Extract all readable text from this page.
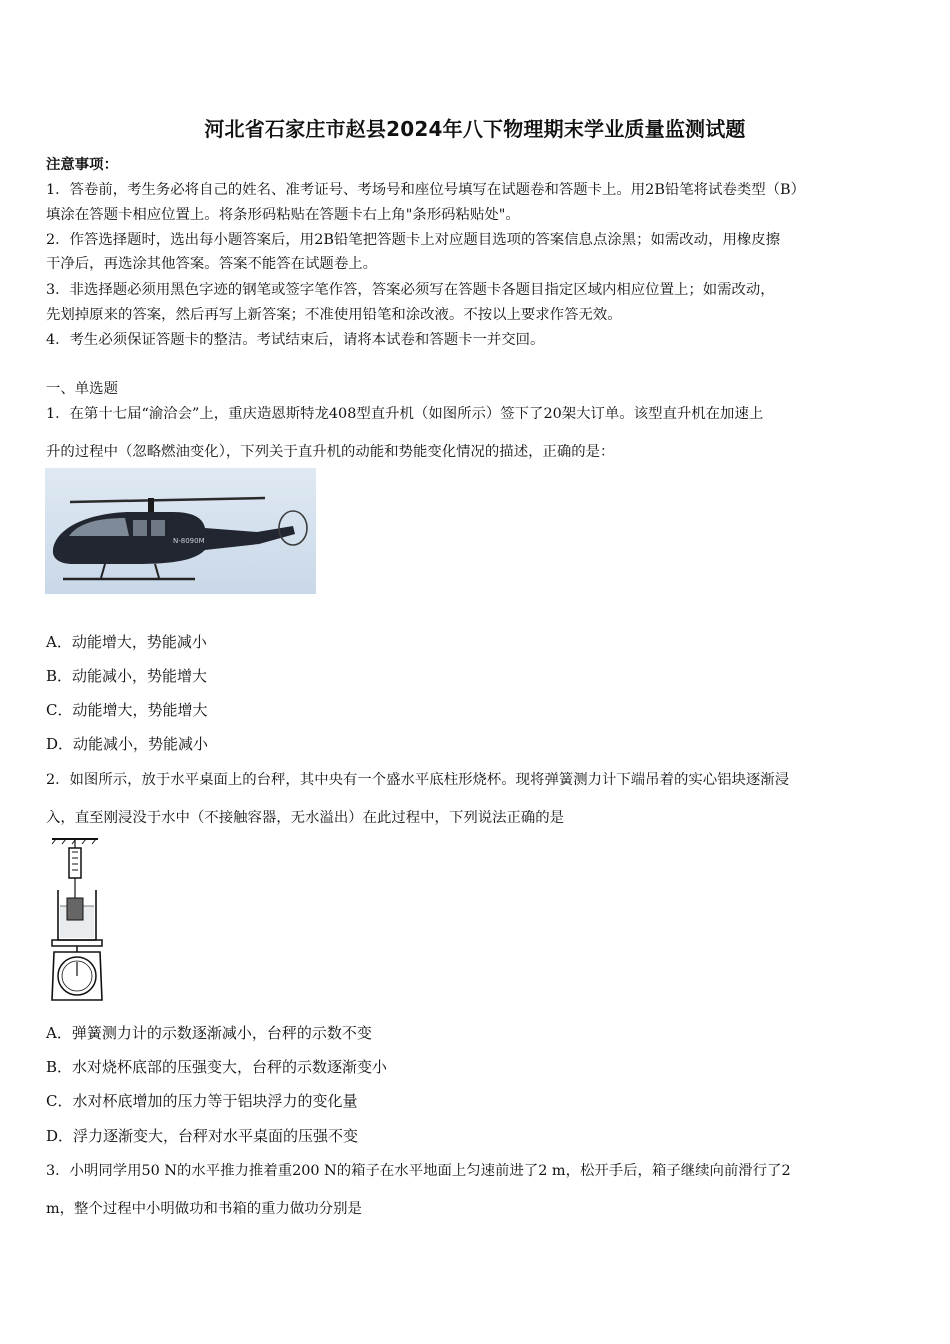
河北省石家庄市赵县2024年八下物理期末学业质量监测试题
注意事项：
1．答卷前，考生务必将自己的姓名、准考证号、考场号和座位号填写在试题卷和答题卡上。用2B铅笔将试卷类型（B）
填涂在答题卡相应位置上。将条形码粘贴在答题卡右上角"条形码粘贴处"。
2．作答选择题时，选出每小题答案后，用2B铅笔把答题卡上对应题目选项的答案信息点涂黑；如需改动，用橡皮擦
干净后，再选涂其他答案。答案不能答在试题卷上。
3．非选择题必须用黑色字迹的钢笔或签字笔作答，答案必须写在答题卡各题目指定区域内相应位置上；如需改动，
先划掉原来的答案，然后再写上新答案；不准使用铅笔和涂改液。不按以上要求作答无效。
4．考生必须保证答题卡的整洁。考试结束后，请将本试卷和答题卡一并交回。
一、单选题
1．在第十七届“渝洽会”上，重庆造恩斯特龙408型直升机（如图所示）签下了20架大订单。该型直升机在加速上
升的过程中（忽略燃油变化），下列关于直升机的动能和势能变化情况的描述，正确的是：
N-8090M
A．动能增大，势能减小
B．动能减小，势能增大
C．动能增大，势能增大
D．动能减小，势能减小
2．如图所示，放于水平桌面上的台秤，其中央有一个盛水平底柱形烧杯。现将弹簧测力计下端吊着的实心铝块逐渐浸
入，直至刚浸没于水中（不接触容器，无水溢出）在此过程中，下列说法正确的是
A．弹簧测力计的示数逐渐减小，台秤的示数不变
B．水对烧杯底部的压强变大，台秤的示数逐渐变小
C．水对杯底增加的压力等于铝块浮力的变化量
D．浮力逐渐变大，台秤对水平桌面的压强不变
3．小明同学用50 N的水平推力推着重200 N的箱子在水平地面上匀速前进了2 m，松开手后，箱子继续向前滑行了2
m，整个过程中小明做功和书箱的重力做功分别是
